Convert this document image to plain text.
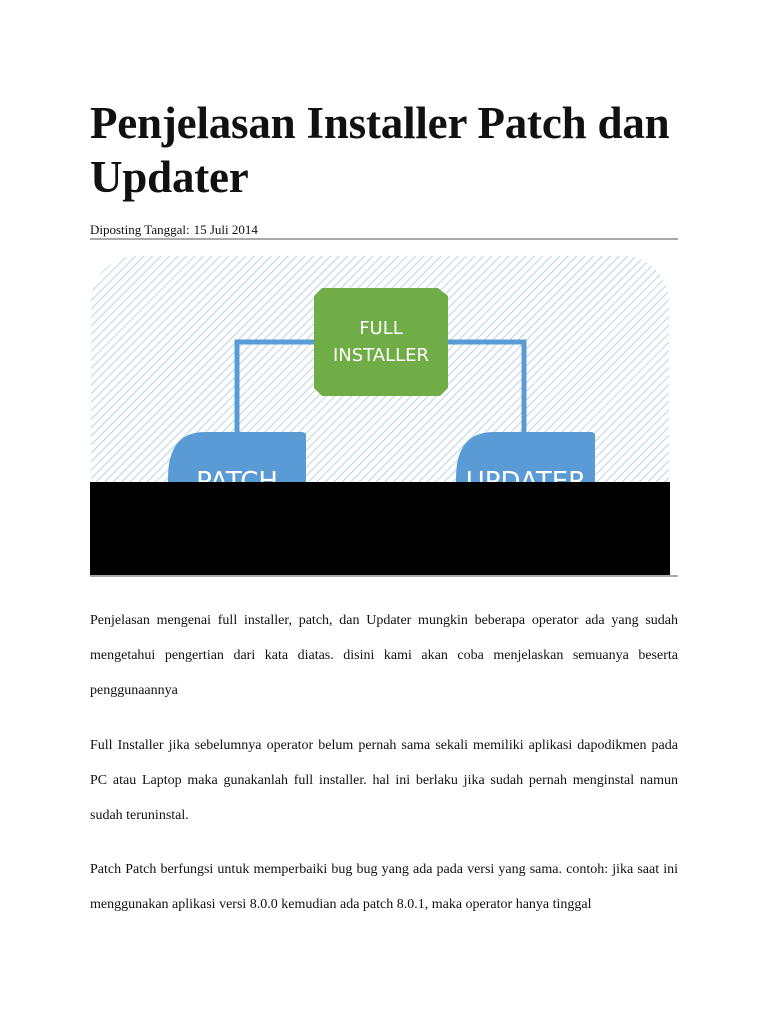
Penjelasan Installer Patch dan Updater
Diposting Tanggal: 15 Juli 2014
FULL
INSTALLER

Penjelasan mengenai full installer, patch, dan Updater mungkin beberapa operator ada yang sudah mengetahui pengertian dari kata diatas. disini kami akan coba menjelaskan semuanya beserta penggunaannya

Full Installer jika sebelumnya operator belum pernah sama sekali memiliki aplikasi dapodikmen pada PC atau Laptop maka gunakanlah full installer. hal ini berlaku jika sudah pernah menginstal namun sudah teruninstal.

Patch Patch berfungsi untuk memperbaiki bug bug yang ada pada versi yang sama. contoh: jika saat ini menggunakan aplikasi versi 8.0.0 kemudian ada patch 8.0.1, maka operator hanya tinggal
